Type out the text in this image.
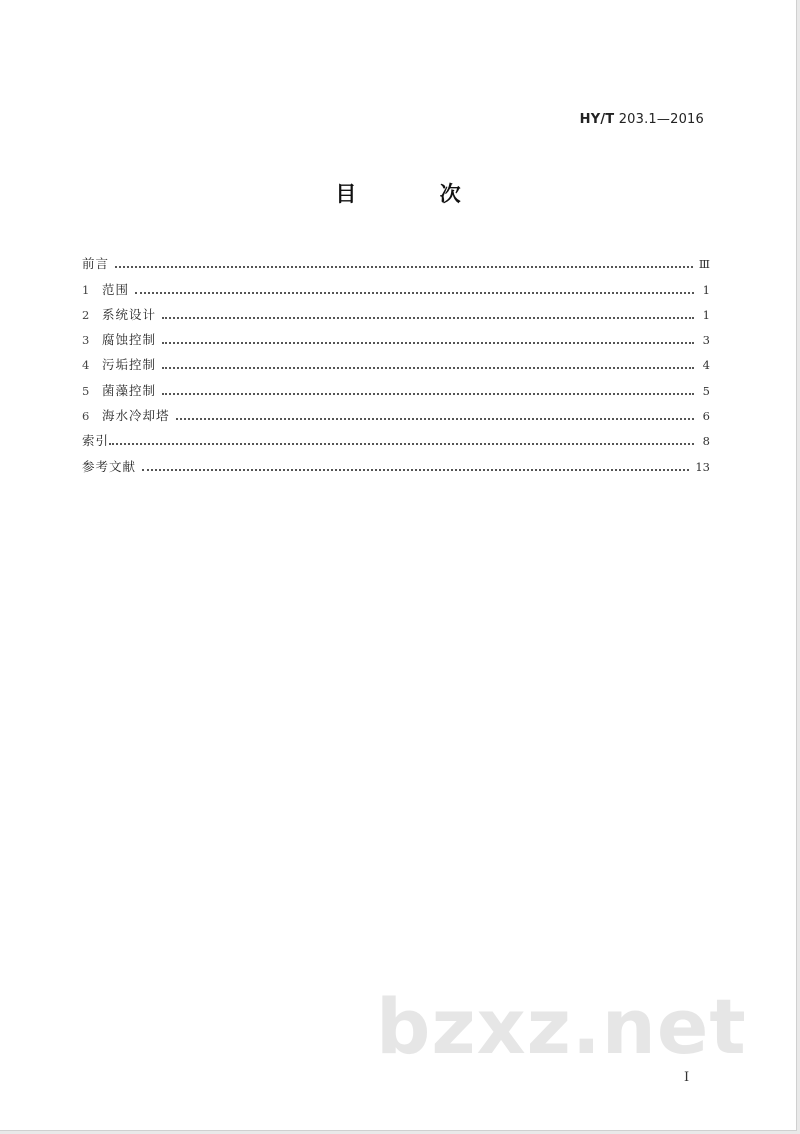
HY/T 203.1—2016
目 次
前言	Ⅲ
1	范围	1
2	系统设计	1
3	腐蚀控制	3
4	污垢控制	4
5	菌藻控制	5
6	海水冷却塔	6
索引	8
参考文献	13
bzxz.net
I
